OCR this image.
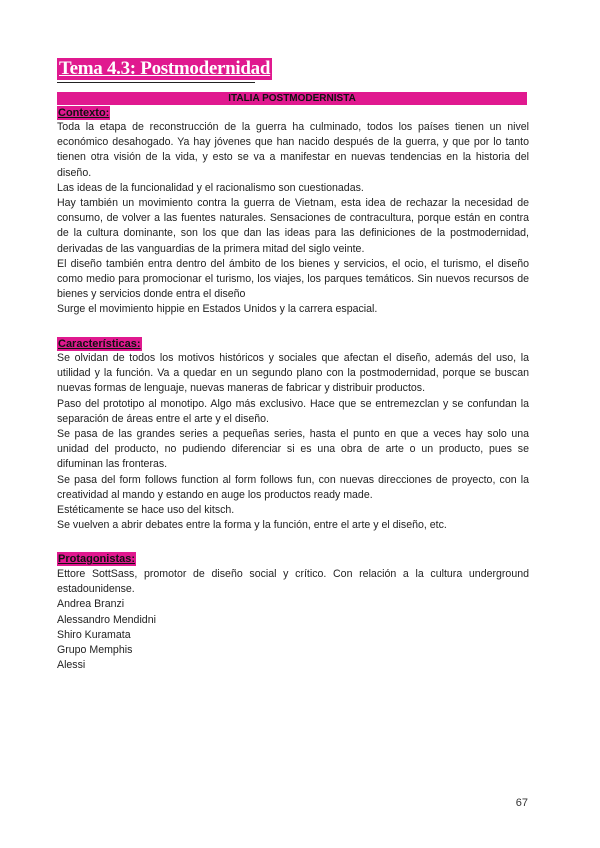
Tema 4.3: Postmodernidad
ITALIA POSTMODERNISTA
Contexto:

Toda la etapa de reconstrucción de la guerra ha culminado, todos los países tienen un nivel económico desahogado. Ya hay jóvenes que han nacido después de la guerra, y que por lo tanto tienen otra visión de la vida, y esto se va a manifestar en nuevas tendencias en la historia del diseño.

Las ideas de la funcionalidad y el racionalismo son cuestionadas.

Hay también un movimiento contra la guerra de Vietnam, esta idea de rechazar la necesidad de consumo, de volver a las fuentes naturales. Sensaciones de contracultura, porque están en contra de la cultura dominante, son los que dan las ideas para las definiciones de la postmodernidad, derivadas de las vanguardias de la primera mitad del siglo veinte.

El diseño también entra dentro del ámbito de los bienes y servicios, el ocio, el turismo, el diseño como medio para promocionar el turismo, los viajes, los parques temáticos. Sin nuevos recursos de bienes y servicios donde entra el diseño

Surge el movimiento hippie en Estados Unidos y la carrera espacial.

Características:

Se olvidan de todos los motivos históricos y sociales que afectan el diseño, además del uso, la utilidad y la función. Va a quedar en un segundo plano con la postmodernidad, porque se buscan nuevas formas de lenguaje, nuevas maneras de fabricar y distribuir productos.

Paso del prototipo al monotipo. Algo más exclusivo. Hace que se entremezclan y se confundan la separación de áreas entre el arte y el diseño.

Se pasa de las grandes series a pequeñas series, hasta el punto en que a veces hay solo una unidad del producto, no pudiendo diferenciar si es una obra de arte o un producto, pues se difuminan las fronteras.

Se pasa del form follows function al form follows fun, con nuevas direcciones de proyecto, con la creatividad al mando y estando en auge los productos ready made.

Estéticamente se hace uso del kitsch.

Se vuelven a abrir debates entre la forma y la función, entre el arte y el diseño, etc.

Protagonistas:

Ettore SottSass, promotor de diseño social y crítico. Con relación a la cultura underground estadounidense.

Andrea Branzi

Alessandro Mendidni

Shiro Kuramata

Grupo Memphis

Alessi

67
